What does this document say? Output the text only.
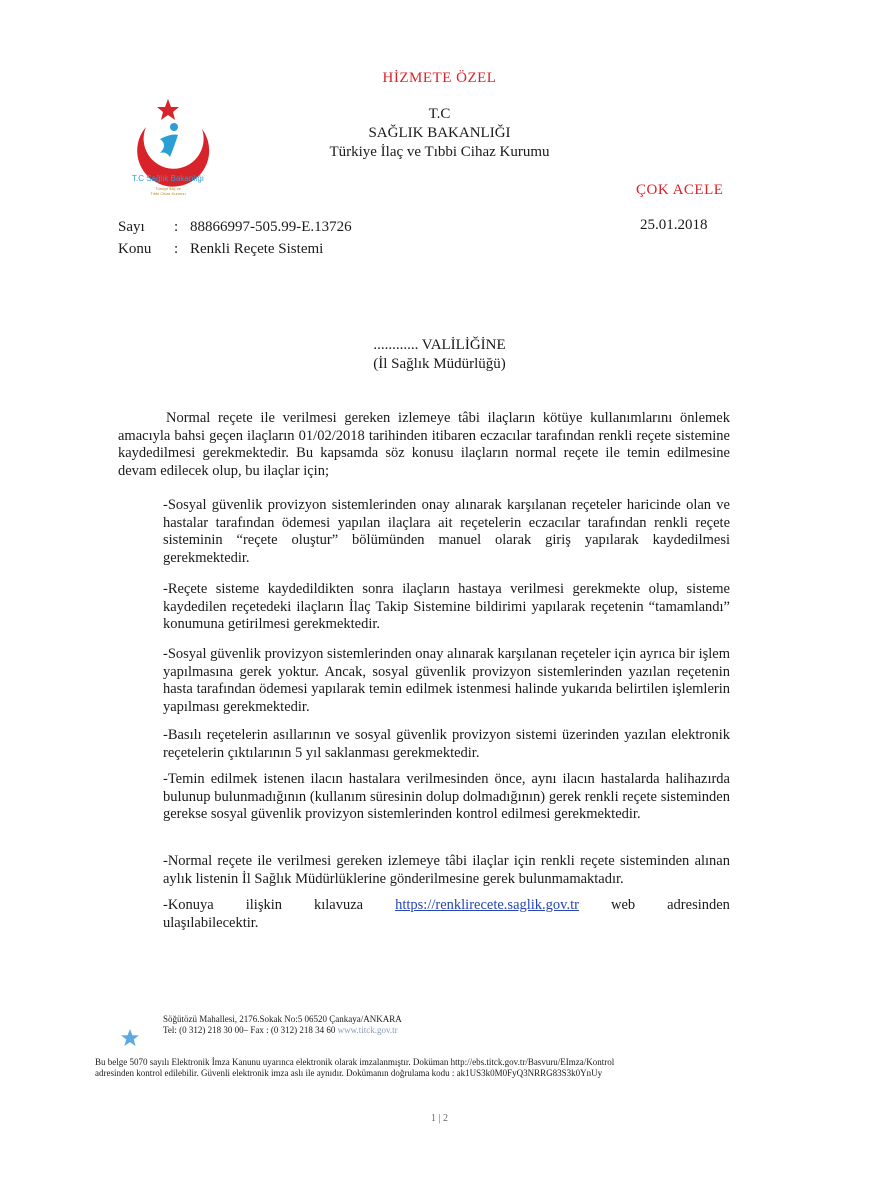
HİZMETE ÖZEL
T.C
SAĞLIK BAKANLIĞI
Türkiye İlaç ve Tıbbi Cihaz Kurumu
T.C Sağlık Bakanlığı
Türkiye İlaç ve
Tıbbi Cihaz Kurumu	ÇOK ACELE
25.01.2018
Sayı : 88866997-505.99-E.13726
Konu : Renkli Reçete Sistemi
............ VALİLİĞİNE
(İl Sağlık Müdürlüğü)

Normal reçete ile verilmesi gereken izlemeye tâbi ilaçların kötüye kullanımlarını önlemek amacıyla bahsi geçen ilaçların 01/02/2018 tarihinden itibaren eczacılar tarafından renkli reçete sistemine kaydedilmesi gerekmektedir. Bu kapsamda söz konusu ilaçların normal reçete ile temin edilmesine devam edilecek olup, bu ilaçlar için;

-Sosyal güvenlik provizyon sistemlerinden onay alınarak karşılanan reçeteler haricinde olan ve hastalar tarafından ödemesi yapılan ilaçlara ait reçetelerin eczacılar tarafından renkli reçete sisteminin “reçete oluştur” bölümünden manuel olarak giriş yapılarak kaydedilmesi gerekmektedir.

-Reçete sisteme kaydedildikten sonra ilaçların hastaya verilmesi gerekmekte olup, sisteme kaydedilen reçetedeki ilaçların İlaç Takip Sistemine bildirimi yapılarak reçetenin “tamamlandı” konumuna getirilmesi gerekmektedir.

-Sosyal güvenlik provizyon sistemlerinden onay alınarak karşılanan reçeteler için ayrıca bir işlem yapılmasına gerek yoktur. Ancak, sosyal güvenlik provizyon sistemlerinden yazılan reçetenin hasta tarafından ödemesi yapılarak temin edilmek istenmesi halinde yukarıda belirtilen işlemlerin yapılması gerekmektedir.

-Basılı reçetelerin asıllarının ve sosyal güvenlik provizyon sistemi üzerinden yazılan elektronik reçetelerin çıktılarının 5 yıl saklanması gerekmektedir.

-Temin edilmek istenen ilacın hastalara verilmesinden önce, aynı ilacın hastalarda halihazırda bulunup bulunmadığının (kullanım süresinin dolup dolmadığının) gerek renkli reçete sisteminden gerekse sosyal güvenlik provizyon sistemlerinden kontrol edilmesi gerekmektedir.

-Normal reçete ile verilmesi gereken izlemeye tâbi ilaçlar için renkli reçete sisteminden alınan aylık listenin İl Sağlık Müdürlüklerine gönderilmesine gerek bulunmamaktadır.

-Konuya ilişkin kılavuza https://renklirecete.saglik.gov.tr web adresinden
ulaşılabilecektir.
Söğütözü Mahallesi, 2176.Sokak No:5 06520 Çankaya/ANKARA
Tel: (0 312) 218 30 00– Fax : (0 312) 218 34 60 www.titck.gov.tr
Bu belge 5070 sayılı Elektronik İmza Kanunu uyarınca elektronik olarak imzalanmıştır. Doküman http://ebs.titck.gov.tr/Basvuru/EImza/Kontrol
adresinden kontrol edilebilir. Güvenli elektronik imza aslı ile aynıdır. Dokümanın doğrulama kodu : ak1US3k0M0FyQ3NRRG83S3k0YnUy
1 | 2
